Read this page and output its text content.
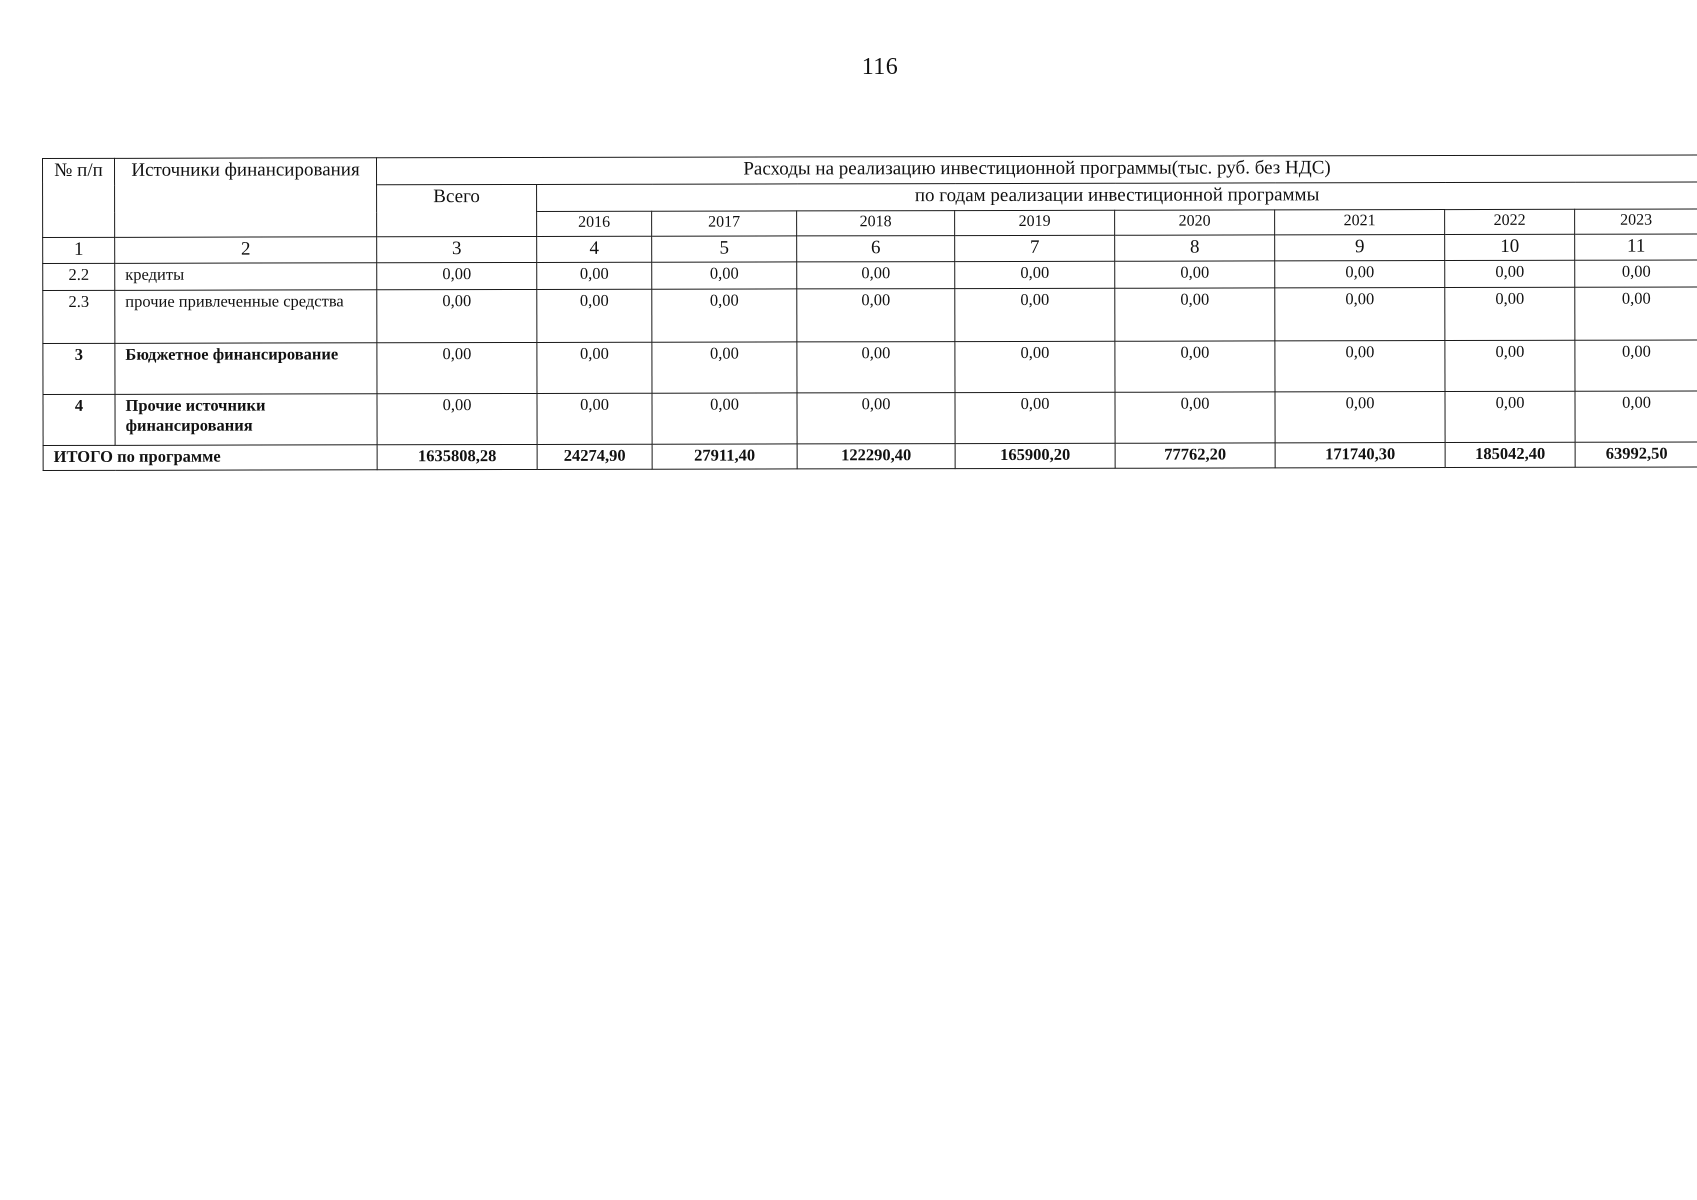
116
№ п/п	Источники финансирования	Расходы на реализацию инвестиционной программы(тыс. руб. без НДС)								
		Всего	по годам реализации инвестиционной программы							
			2016	2017	2018	2019	2020	2021	2022	2023
1	2	3	4	5	6	7	8	9	10	11
2.2	кредиты	0,00	0,00	0,00	0,00	0,00	0,00	0,00	0,00	0,00
2.3	прочие привлеченные средства	0,00	0,00	0,00	0,00	0,00	0,00	0,00	0,00	0,00
3	Бюджетное финансирование	0,00	0,00	0,00	0,00	0,00	0,00	0,00	0,00	0,00
4	Прочие источники финансирования	0,00	0,00	0,00	0,00	0,00	0,00	0,00	0,00	0,00
ИТОГО по программе		1635808,28	24274,90	27911,40	122290,40	165900,20	77762,20	171740,30	185042,40	63992,50
